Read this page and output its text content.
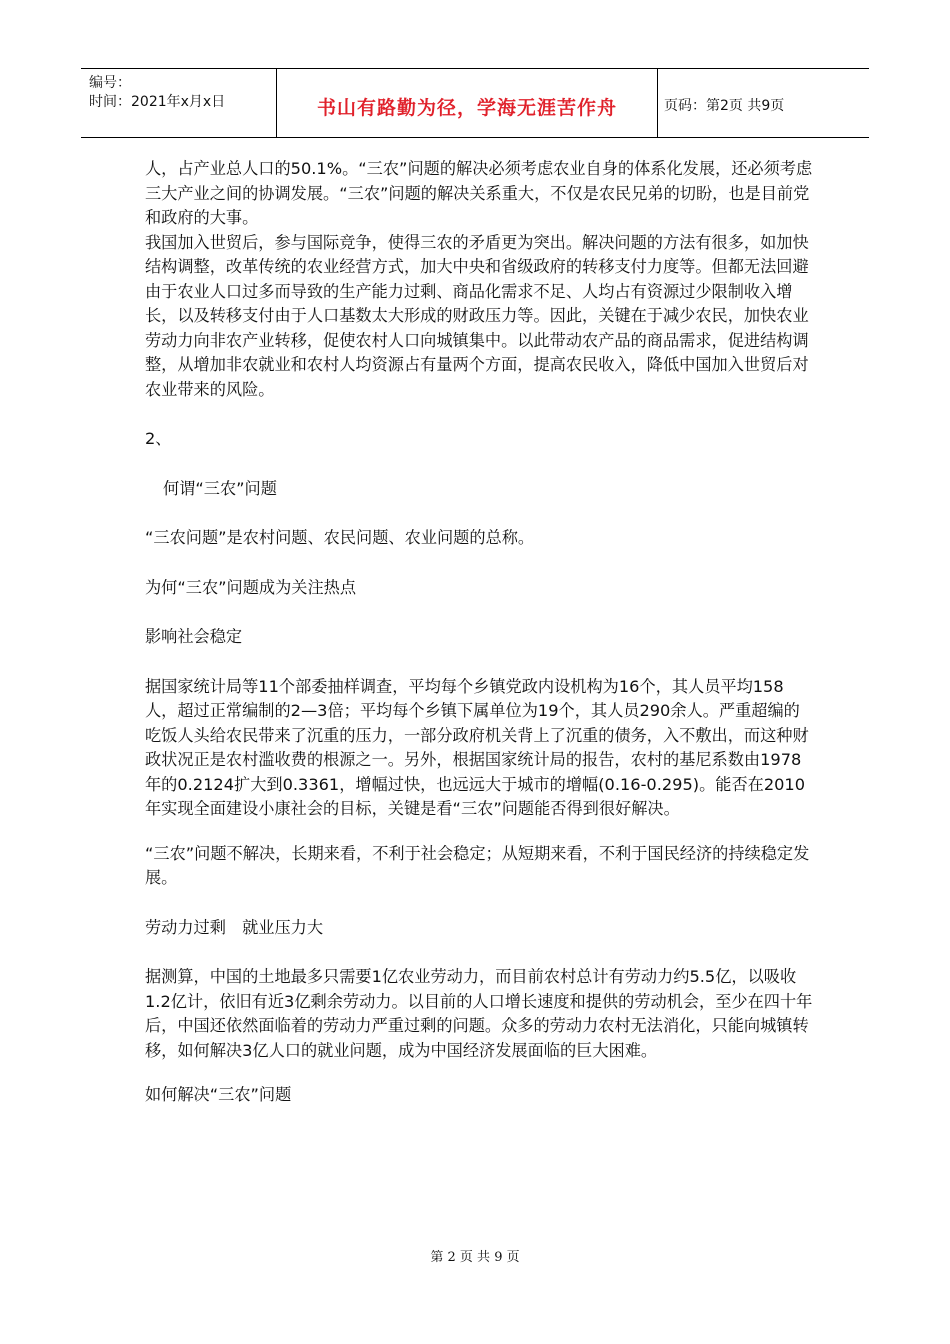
编号：
时间：2021年x月x日	书山有路勤为径，学海无涯苦作舟	页码：第2页 共9页

人，占产业总人口的50.1%。“三农”问题的解决必须考虑农业自身的体系化发展，还必须考虑三大产业之间的协调发展。“三农”问题的解决关系重大，不仅是农民兄弟的切盼，也是目前党和政府的大事。

我国加入世贸后，参与国际竞争，使得三农的矛盾更为突出。解决问题的方法有很多，如加快结构调整，改革传统的农业经营方式，加大中央和省级政府的转移支付力度等。但都无法回避由于农业人口过多而导致的生产能力过剩、商品化需求不足、人均占有资源过少限制收入增长，以及转移支付由于人口基数太大形成的财政压力等。因此，关键在于减少农民，加快农业劳动力向非农产业转移，促使农村人口向城镇集中。以此带动农产品的商品需求，促进结构调整，从增加非农就业和农村人均资源占有量两个方面，提高农民收入，降低中国加入世贸后对农业带来的风险。

2、

何谓“三农”问题

“三农问题”是农村问题、农民问题、农业问题的总称。

为何“三农”问题成为关注热点

影响社会稳定

据国家统计局等11个部委抽样调查，平均每个乡镇党政内设机构为16个，其人员平均158人，超过正常编制的2—3倍；平均每个乡镇下属单位为19个，其人员290余人。严重超编的吃饭人头给农民带来了沉重的压力，一部分政府机关背上了沉重的债务，入不敷出，而这种财政状况正是农村滥收费的根源之一。另外，根据国家统计局的报告，农村的基尼系数由1978年的0.2124扩大到0.3361，增幅过快，也远远大于城市的增幅(0.16-0.295)。能否在2010年实现全面建设小康社会的目标，关键是看“三农”问题能否得到很好解决。

“三农”问题不解决，长期来看，不利于社会稳定；从短期来看，不利于国民经济的持续稳定发展。

劳动力过剩　就业压力大

据测算，中国的土地最多只需要1亿农业劳动力，而目前农村总计有劳动力约5.5亿，以吸收1.2亿计，依旧有近3亿剩余劳动力。以目前的人口增长速度和提供的劳动机会，至少在四十年后，中国还依然面临着的劳动力严重过剩的问题。众多的劳动力农村无法消化，只能向城镇转移，如何解决3亿人口的就业问题，成为中国经济发展面临的巨大困难。

如何解决“三农”问题

第 2 页 共 9 页
